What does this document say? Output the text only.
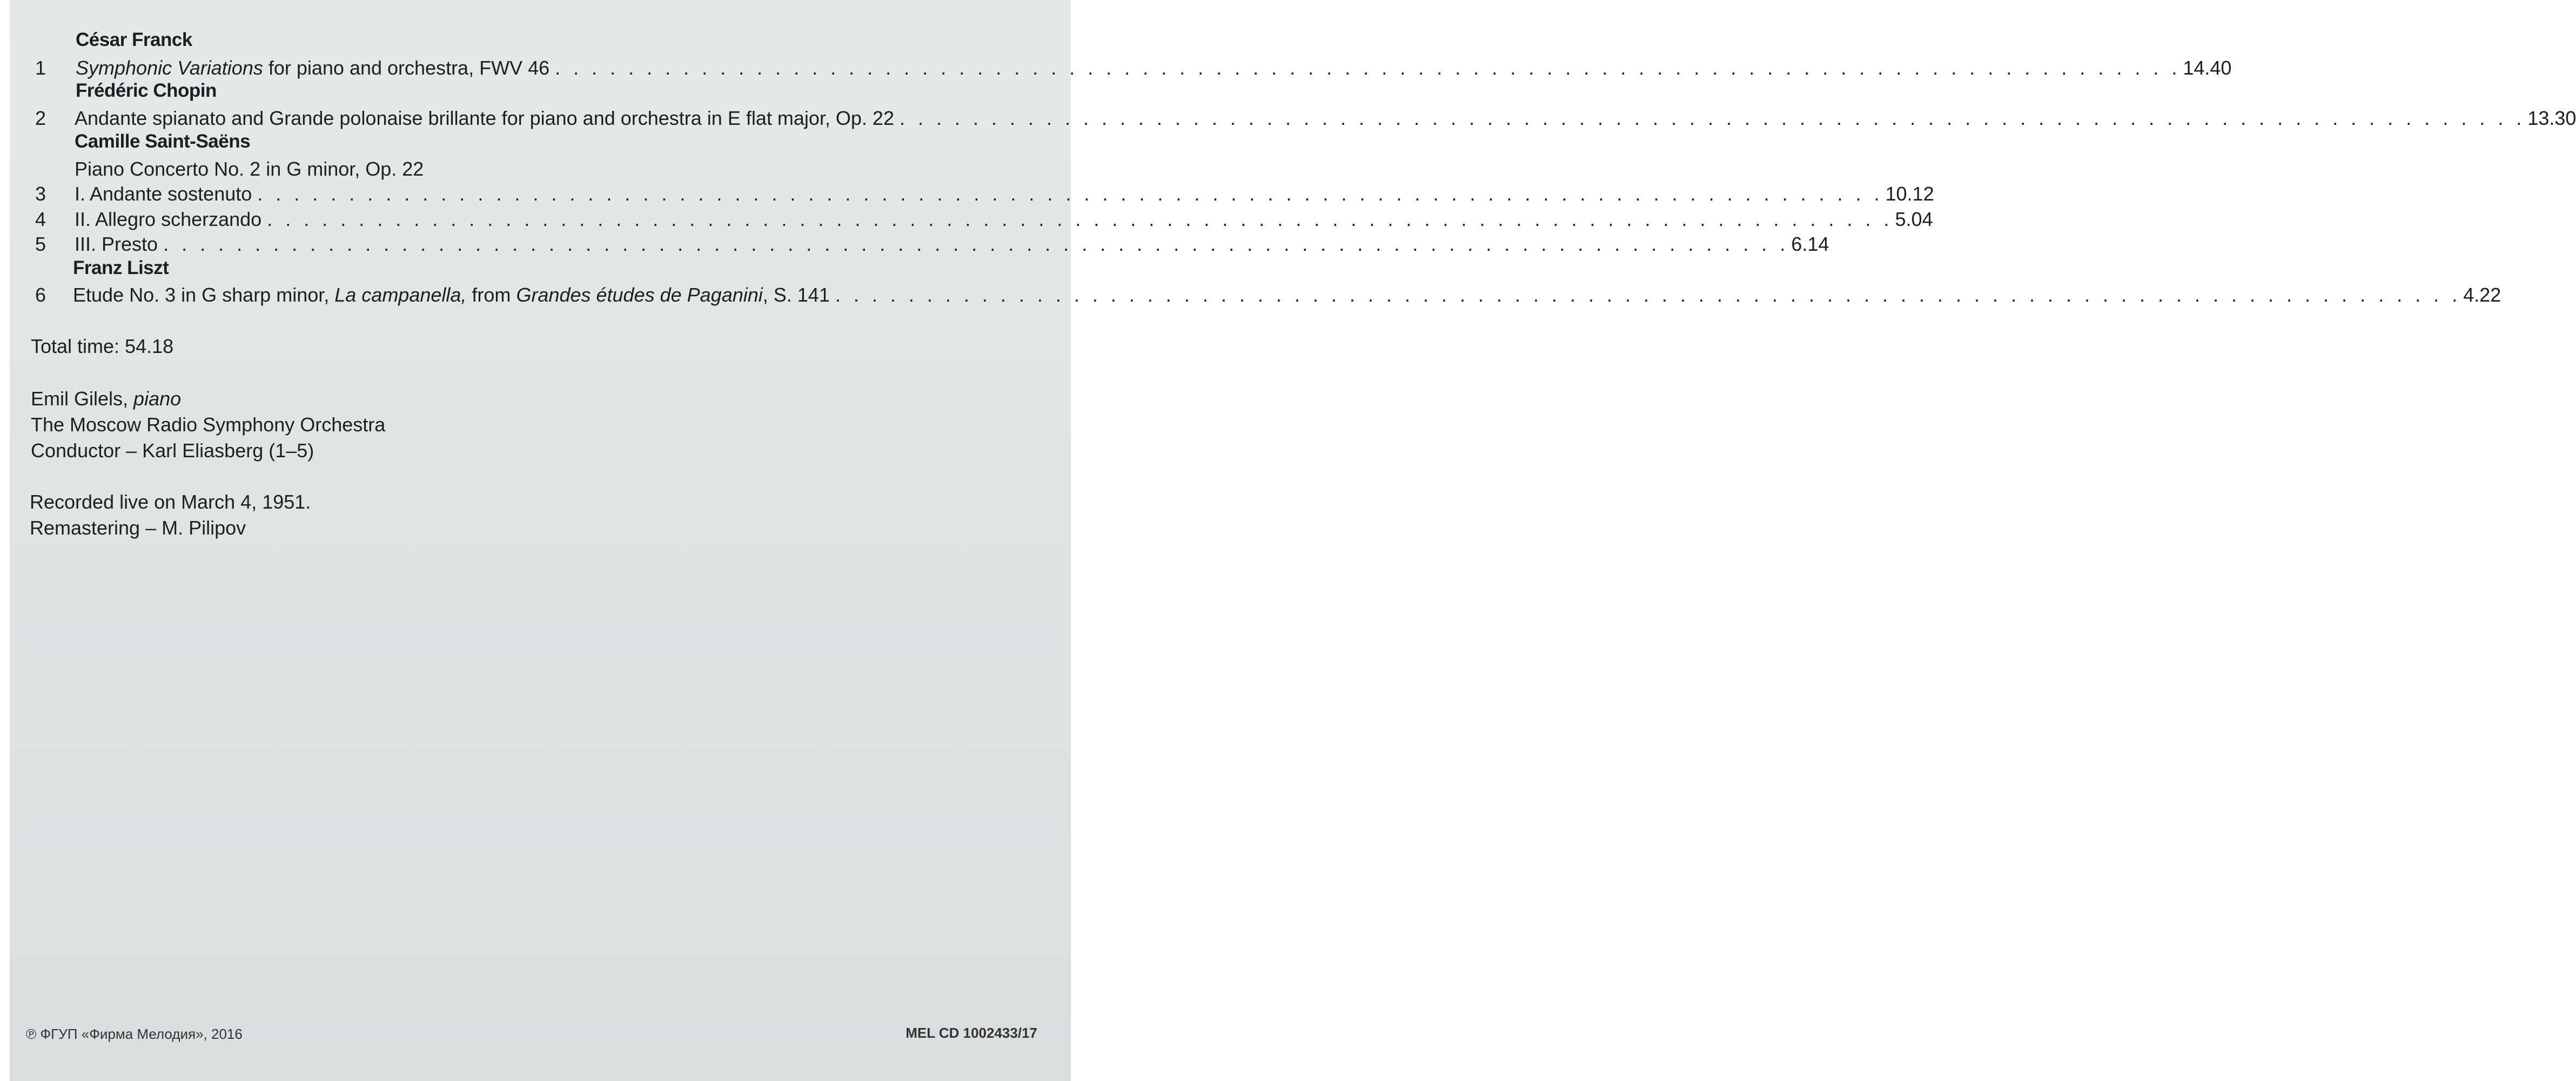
César Franck
1 Symphonic Variations for piano and orchestra, FWV 46 . . . . . . . . . . . . . . . . . . . . . . . . . . . . . . . . . . . . . . . . . . . . . . . . . . . . . . . . . . . . . . . . . . . . . . . . . . . . . . . . . . . . . . . . . 14.40
Frédéric Chopin
2 Andante spianato and Grande polonaise brillante for piano and orchestra in E flat major, Op. 22 . . . . . . . . . . . . . . . . . . . . . . . . . . . . . . . . . . . . . . . . . . . . . . . . . . . . . . . . . . . . . . . . . . . . . . . . . . . . . . . . . . . . . . . . . 13.30
Camille Saint-Saëns
Piano Concerto No. 2 in G minor, Op. 22
3 I. Andante sostenuto . . . . . . . . . . . . . . . . . . . . . . . . . . . . . . . . . . . . . . . . . . . . . . . . . . . . . . . . . . . . . . . . . . . . . . . . . . . . . . . . . . . . . . . . . 10.12
4 II. Allegro scherzando . . . . . . . . . . . . . . . . . . . . . . . . . . . . . . . . . . . . . . . . . . . . . . . . . . . . . . . . . . . . . . . . . . . . . . . . . . . . . . . . . . . . . . . . . 5.04
5 III. Presto . . . . . . . . . . . . . . . . . . . . . . . . . . . . . . . . . . . . . . . . . . . . . . . . . . . . . . . . . . . . . . . . . . . . . . . . . . . . . . . . . . . . . . . . . 6.14
Franz Liszt
6 Etude No. 3 in G sharp minor, La campanella, from Grandes études de Paganini, S. 141 . . . . . . . . . . . . . . . . . . . . . . . . . . . . . . . . . . . . . . . . . . . . . . . . . . . . . . . . . . . . . . . . . . . . . . . . . . . . . . . . . . . . . . . . . 4.22
Total time: 54.18
Emil Gilels, piano
The Moscow Radio Symphony Orchestra
Conductor – Karl Eliasberg (1–5)
Recorded live on March 4, 1951.
Remastering – M. Pilipov
℗ ФГУП «Фирма Мелодия», 2016	MEL CD 1002433/17
